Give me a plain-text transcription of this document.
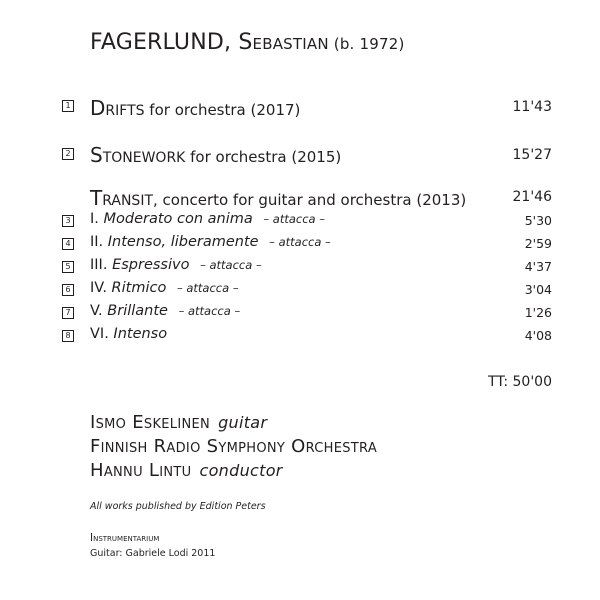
FAGERLUND, Sebastian (b. 1972)
1 Drifts for orchestra (2017)	11'43
2 Stonework for orchestra (2015)	15'27
Transit, concerto for guitar and orchestra (2013)	21'46
3 I. Moderato con anima – attacca –	5'30
4 II. Intenso, liberamente – attacca –	2'59
5 III. Espressivo – attacca –	4'37
6 IV. Ritmico – attacca –	3'04
7 V. Brillante – attacca –	1'26
8 VI. Intenso	4'08
TT: 50'00
Ismo Eskelinen guitar
Finnish Radio Symphony Orchestra
Hannu Lintu conductor
All works published by Edition Peters
Instrumentarium
Guitar: Gabriele Lodi 2011
